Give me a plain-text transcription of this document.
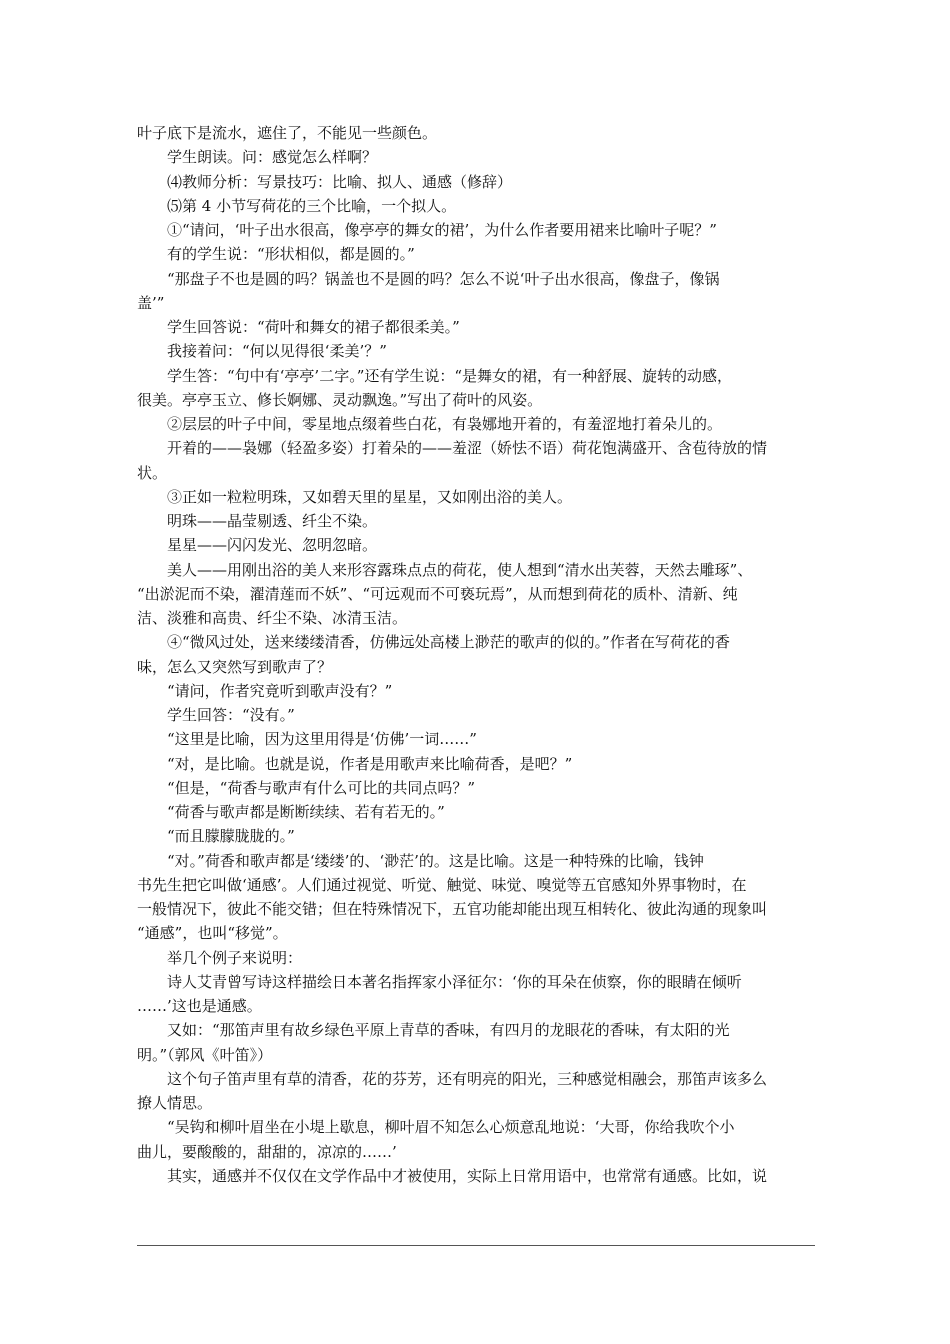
叶子底下是流水，遮住了，不能见一些颜色。
学生朗读。问：感觉怎么样啊？
⑷教师分析：写景技巧：比喻、拟人、通感（修辞）
⑸第 4 小节写荷花的三个比喻，一个拟人。
①“请问，‘叶子出水很高，像亭亭的舞女的裙’，为什么作者要用裙来比喻叶子呢？”
有的学生说：“形状相似，都是圆的。”
“那盘子不也是圆的吗？锅盖也不是圆的吗？怎么不说‘叶子出水很高，像盘子，像锅
盖’”
学生回答说：“荷叶和舞女的裙子都很柔美。”
我接着问：“何以见得很‘柔美’？”
学生答：“句中有‘亭亭’二字。”还有学生说：“是舞女的裙，有一种舒展、旋转的动感，
很美。亭亭玉立、修长婀娜、灵动飘逸。”写出了荷叶的风姿。
②层层的叶子中间，零星地点缀着些白花，有袅娜地开着的，有羞涩地打着朵儿的。
开着的——袅娜（轻盈多姿）打着朵的——羞涩（娇怯不语）荷花饱满盛开、含苞待放的情
状。
③正如一粒粒明珠，又如碧天里的星星，又如刚出浴的美人。
明珠——晶莹剔透、纤尘不染。
星星——闪闪发光、忽明忽暗。
美人——用刚出浴的美人来形容露珠点点的荷花，使人想到“清水出芙蓉，天然去雕琢”、
“出淤泥而不染，濯清莲而不妖”、“可远观而不可亵玩焉”，从而想到荷花的质朴、清新、纯
洁、淡雅和高贵、纤尘不染、冰清玉洁。
④“微风过处，送来缕缕清香，仿佛远处高楼上渺茫的歌声的似的。”作者在写荷花的香
味，怎么又突然写到歌声了？
“请问，作者究竟听到歌声没有？”
学生回答：“没有。”
“这里是比喻，因为这里用得是‘仿佛’一词……”
“对，是比喻。也就是说，作者是用歌声来比喻荷香，是吧？”
“但是，“荷香与歌声有什么可比的共同点吗？”
“荷香与歌声都是断断续续、若有若无的。”
“而且朦朦胧胧的。”
“对。”荷香和歌声都是‘缕缕’的、‘渺茫’的。这是比喻。这是一种特殊的比喻，钱钟
书先生把它叫做‘通感’。人们通过视觉、听觉、触觉、味觉、嗅觉等五官感知外界事物时，在
一般情况下，彼此不能交错；但在特殊情况下，五官功能却能出现互相转化、彼此沟通的现象叫
“通感”，也叫“移觉”。
举几个例子来说明：
诗人艾青曾写诗这样描绘日本著名指挥家小泽征尔：‘你的耳朵在侦察，你的眼睛在倾听
……’这也是通感。
又如：“那笛声里有故乡绿色平原上青草的香味，有四月的龙眼花的香味，有太阳的光
明。”（郭风《叶笛》）
这个句子笛声里有草的清香，花的芬芳，还有明亮的阳光，三种感觉相融会，那笛声该多么
撩人情思。
“吴钩和柳叶眉坐在小堤上歇息，柳叶眉不知怎么心烦意乱地说：‘大哥，你给我吹个小
曲儿，要酸酸的，甜甜的，凉凉的……’
其实，通感并不仅仅在文学作品中才被使用，实际上日常用语中，也常常有通感。比如，说
